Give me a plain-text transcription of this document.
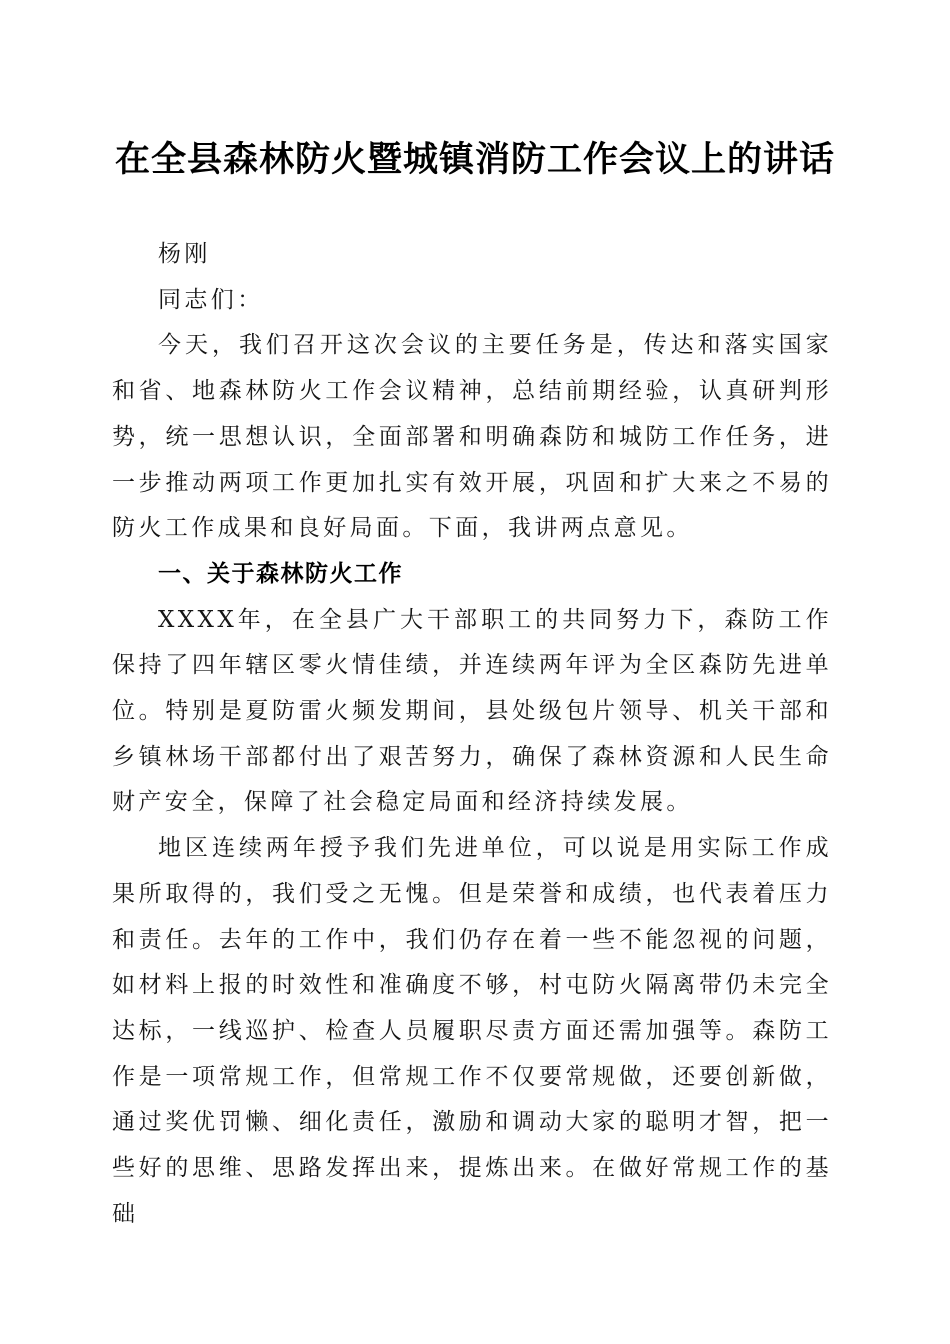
在全县森林防火暨城镇消防工作会议上的讲话

杨刚

同志们：

今天，我们召开这次会议的主要任务是，传达和落实国家和省、地森林防火工作会议精神，总结前期经验，认真研判形势，统一思想认识，全面部署和明确森防和城防工作任务，进一步推动两项工作更加扎实有效开展，巩固和扩大来之不易的防火工作成果和良好局面。下面，我讲两点意见。

一、关于森林防火工作

XXXX年，在全县广大干部职工的共同努力下，森防工作保持了四年辖区零火情佳绩，并连续两年评为全区森防先进单位。特别是夏防雷火频发期间，县处级包片领导、机关干部和乡镇林场干部都付出了艰苦努力，确保了森林资源和人民生命财产安全，保障了社会稳定局面和经济持续发展。

地区连续两年授予我们先进单位，可以说是用实际工作成果所取得的，我们受之无愧。但是荣誉和成绩，也代表着压力和责任。去年的工作中，我们仍存在着一些不能忽视的问题，如材料上报的时效性和准确度不够，村屯防火隔离带仍未完全达标，一线巡护、检查人员履职尽责方面还需加强等。森防工作是一项常规工作，但常规工作不仅要常规做，还要创新做，通过奖优罚懒、细化责任，激励和调动大家的聪明才智，把一些好的思维、思路发挥出来，提炼出来。在做好常规工作的基础
